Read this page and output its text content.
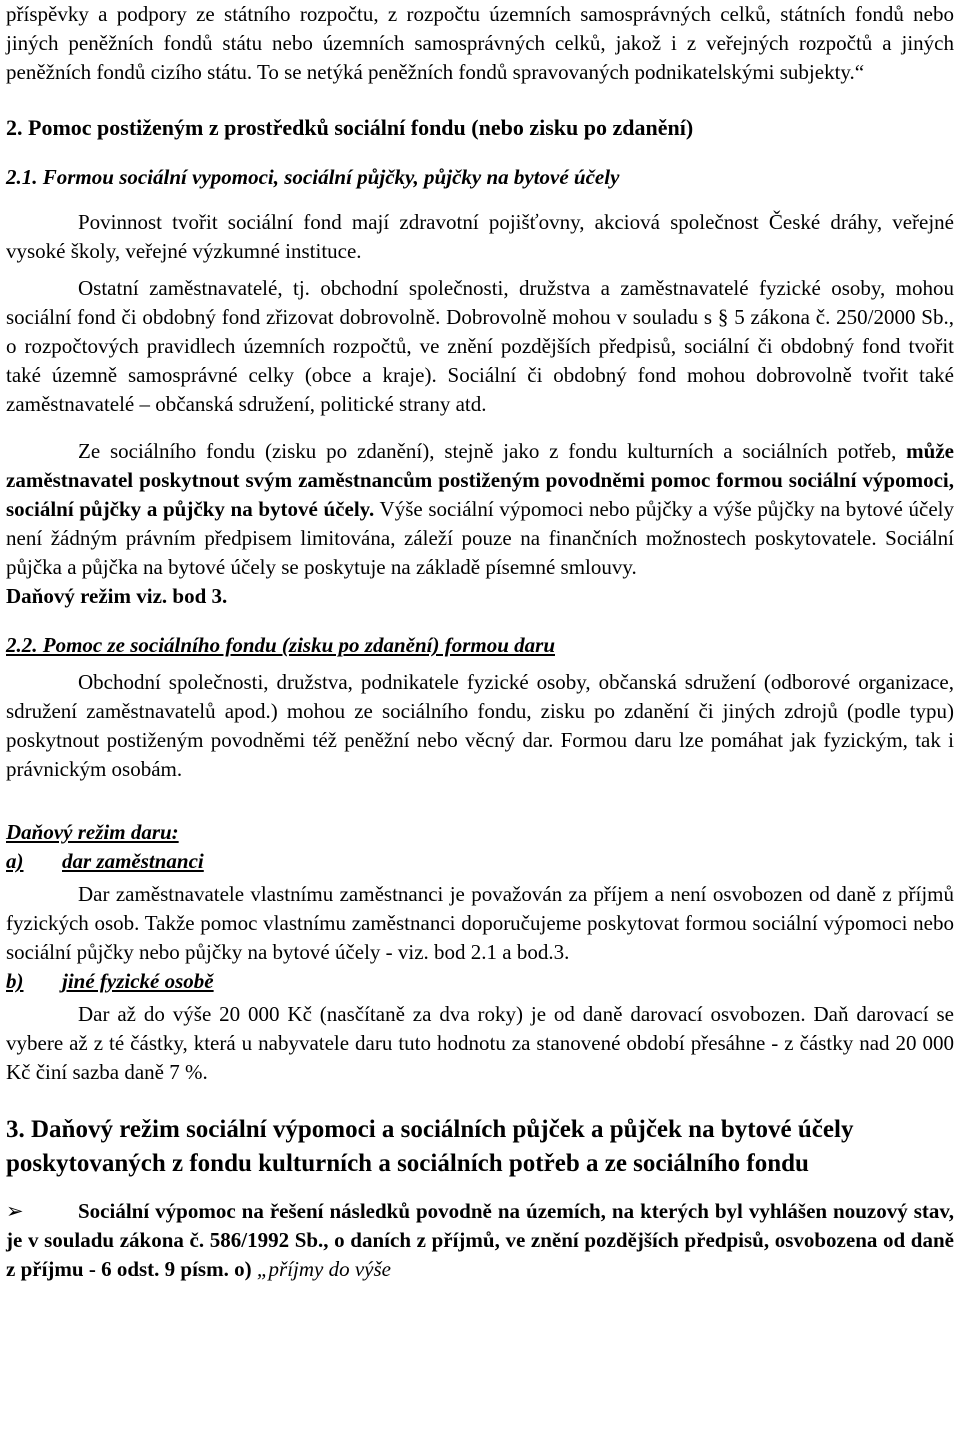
příspěvky a podpory ze státního rozpočtu, z rozpočtu územních samosprávných celků, státních fondů nebo jiných peněžních fondů státu nebo územních samosprávných celků, jakož i z veřejných rozpočtů a jiných peněžních fondů cizího státu. To se netýká peněžních fondů spravovaných podnikatelskými subjekty.“

2. Pomoc postiženým z prostředků sociální fondu (nebo zisku po zdanění)

2.1. Formou sociální vypomoci, sociální půjčky, půjčky na bytové účely

Povinnost tvořit sociální fond mají zdravotní pojišťovny, akciová společnost České dráhy, veřejné vysoké školy, veřejné výzkumné instituce.

Ostatní zaměstnavatelé, tj. obchodní společnosti, družstva a zaměstnavatelé fyzické osoby, mohou sociální fond či obdobný fond zřizovat dobrovolně. Dobrovolně mohou v souladu s § 5 zákona č. 250/2000 Sb., o rozpočtových pravidlech územních rozpočtů, ve znění pozdějších předpisů, sociální či obdobný fond tvořit také územně samosprávné celky (obce a kraje). Sociální či obdobný fond mohou dobrovolně tvořit také zaměstnavatelé – občanská sdružení, politické strany atd.

Ze sociálního fondu (zisku po zdanění), stejně jako z fondu kulturních a sociálních potřeb, může zaměstnavatel poskytnout svým zaměstnancům postiženým povodněmi pomoc formou sociální výpomoci, sociální půjčky a půjčky na bytové účely. Výše sociální výpomoci nebo půjčky a výše půjčky na bytové účely není žádným právním předpisem limitována, záleží pouze na finančních možnostech poskytovatele. Sociální půjčka a půjčka na bytové účely se poskytuje na základě písemné smlouvy.

Daňový režim viz. bod 3.

2.2. Pomoc ze sociálního fondu (zisku po zdanění) formou daru

Obchodní společnosti, družstva, podnikatele fyzické osoby, občanská sdružení (odborové organizace, sdružení zaměstnavatelů apod.) mohou ze sociálního fondu, zisku po zdanění či jiných zdrojů (podle typu) poskytnout postiženým povodněmi též peněžní nebo věcný dar. Formou daru lze pomáhat jak fyzickým, tak i právnickým osobám.

Daňový režim daru:

a) dar zaměstnanci

Dar zaměstnavatele vlastnímu zaměstnanci je považován za příjem a není osvobozen od daně z příjmů fyzických osob. Takže pomoc vlastnímu zaměstnanci doporučujeme poskytovat formou sociální výpomoci nebo sociální půjčky nebo půjčky na bytové účely - viz. bod 2.1 a bod.3.

b) jiné fyzické osobě

Dar až do výše 20 000 Kč (nasčítaně za dva roky) je od daně darovací osvobozen. Daň darovací se vybere až z té částky, která u nabyvatele daru tuto hodnotu za stanovené období přesáhne - z částky nad 20 000 Kč činí sazba daně 7 %.

3. Daňový režim sociální výpomoci a sociálních půjček a půjček na bytové účely poskytovaných z fondu kulturních a sociálních potřeb a ze sociálního fondu

➢	Sociální výpomoc na řešení následků povodně na územích, na kterých byl vyhlášen nouzový stav, je v souladu zákona č. 586/1992 Sb., o daních z příjmů, ve znění pozdějších předpisů, osvobozena od daně z příjmu - 6 odst. 9 písm. o) „příjmy do výše
